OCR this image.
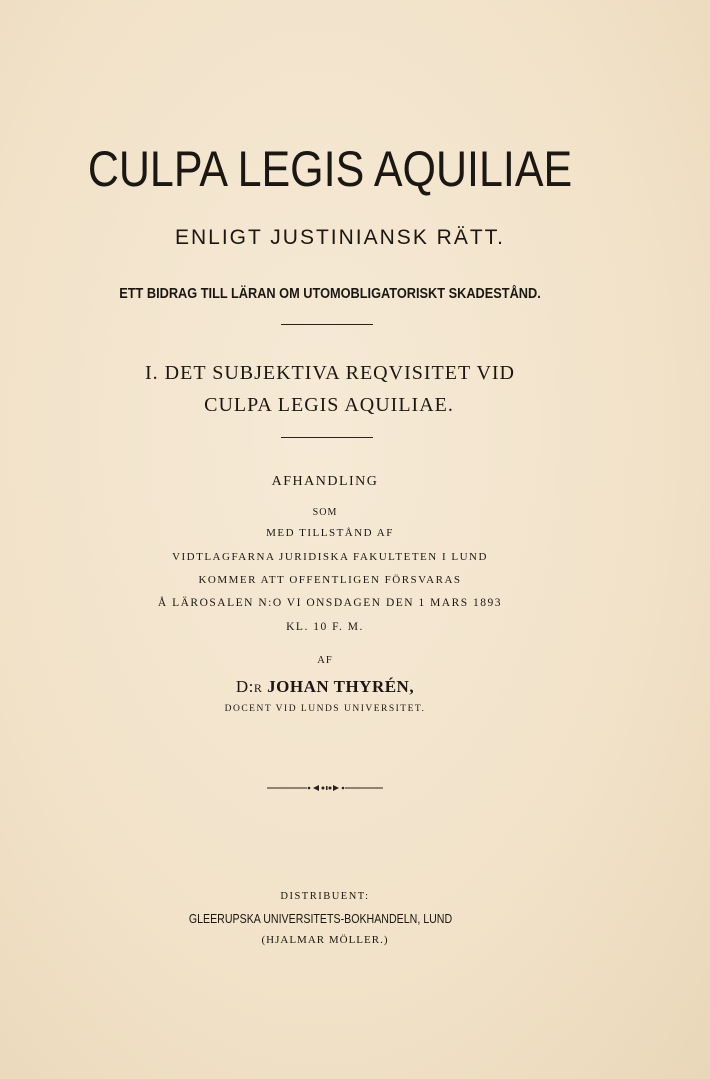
CULPA LEGIS AQUILIAE
ENLIGT JUSTINIANSK RÄTT.
ETT BIDRAG TILL LÄRAN OM UTOMOBLIGATORISKT SKADESTÅND.
I. DET SUBJEKTIVA REQVISITET VID
CULPA LEGIS AQUILIAE.
AFHANDLING
SOM
MED TILLSTÅND AF
VIDTLAGFARNA JURIDISKA FAKULTETEN I LUND
KOMMER ATT OFFENTLIGEN FÖRSVARAS
Å LÄROSALEN N:O VI ONSDAGEN DEN 1 MARS 1893
KL. 10 F. M.
AF
D:R JOHAN THYRÉN,
DOCENT VID LUNDS UNIVERSITET.
DISTRIBUENT:
GLEERUPSKA UNIVERSITETS-BOKHANDELN, LUND
(HJALMAR MÖLLER.)
